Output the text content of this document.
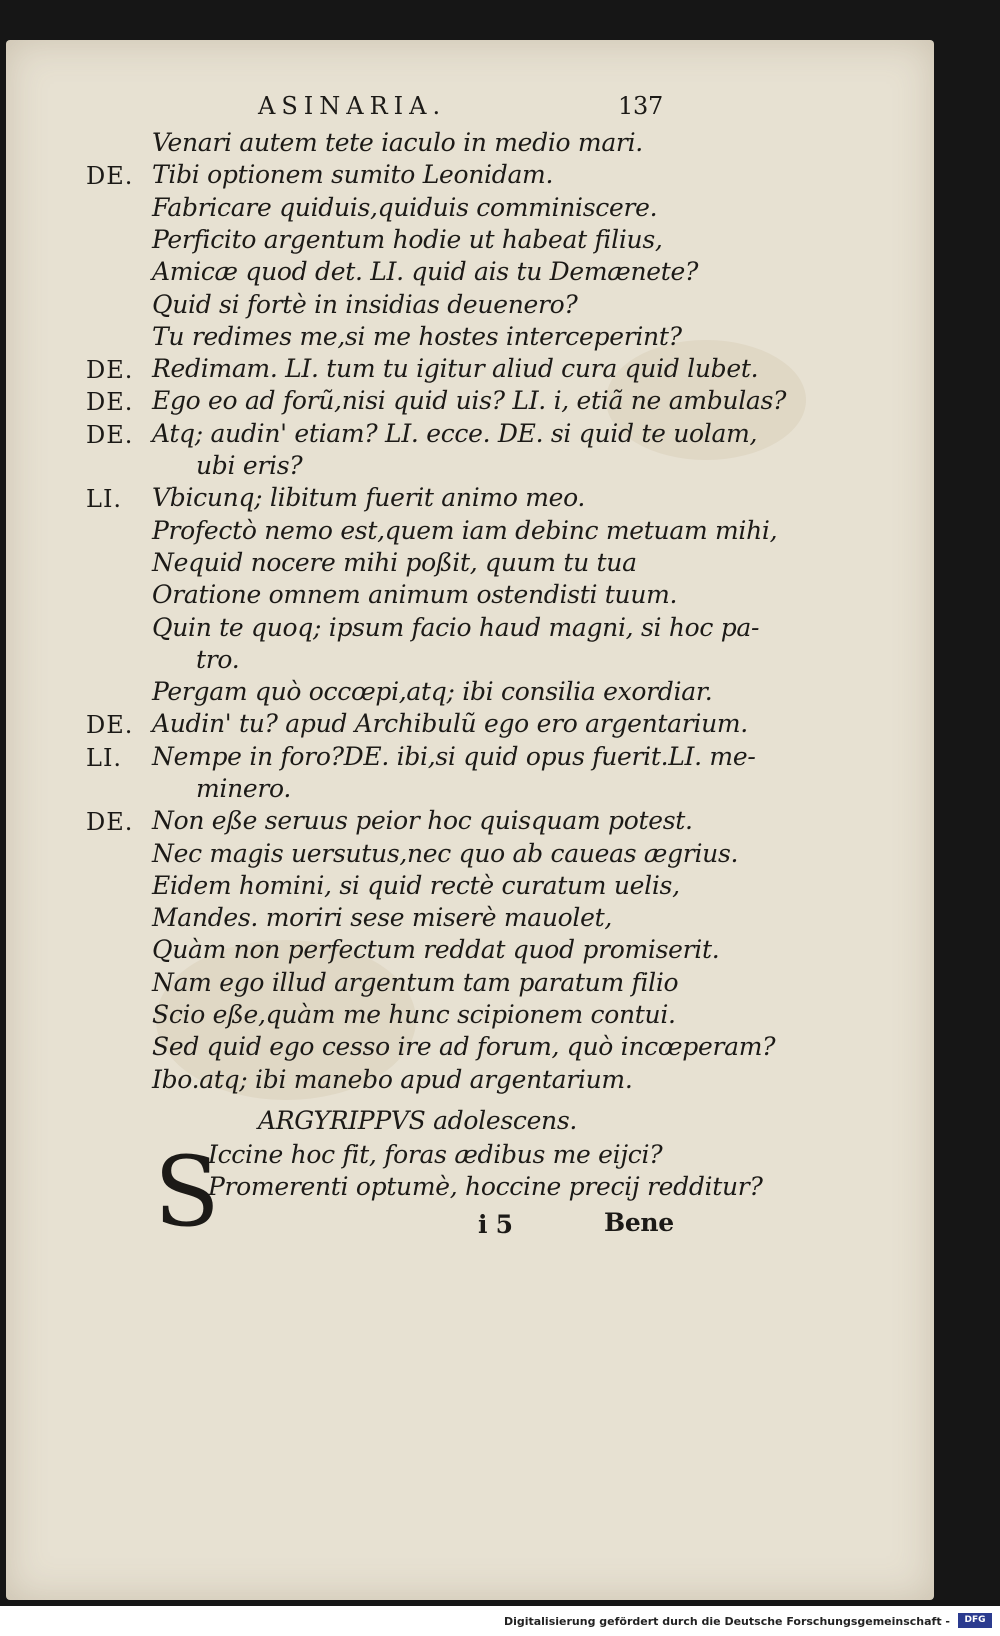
ASINARIA.	137
Venari autem tete iaculo in medio mari.
DE. Tibi optionem sumito Leonidam.
Fabricare quiduis,quiduis comminiscere.
Perficito argentum hodie ut habeat filius,
Amicæ quod det. LI. quid ais tu Demænete?
Quid si fortè in insidias deuenero?
Tu redimes me,si me hostes interceperint?
DE. Redimam. LI. tum tu igitur aliud cura quid lubet.
DE. Ego eo ad forũ,nisi quid uis? LI. i, etiã ne ambulas?
DE. Atq; audin' etiam? LI. ecce. DE. si quid te uolam,
ubi eris?
LI. Vbicunq; libitum fuerit animo meo.
Profectò nemo est,quem iam debinc metuam mihi,
Nequid nocere mihi poßit, quum tu tua
Oratione omnem animum ostendisti tuum.
Quin te quoq; ipsum facio haud magni, si hoc pa-
tro.
Pergam quò occœpi,atq; ibi consilia exordiar.
DE. Audin' tu? apud Archibulũ ego ero argentarium.
LI. Nempe in foro?DE. ibi,si quid opus fuerit.LI. me-
minero.
DE. Non eße seruus peior hoc quisquam potest.
Nec magis uersutus,nec quo ab caueas ægrius.
Eidem homini, si quid rectè curatum uelis,
Mandes. moriri sese miserè mauolet,
Quàm non perfectum reddat quod promiserit.
Nam ego illud argentum tam paratum filio
Scio eße,quàm me hunc scipionem contui.
Sed quid ego cesso ire ad forum, quò incœperam?
Ibo.atq; ibi manebo apud argentarium.
ARGYRIPPVS adolescens.
S
Iccine hoc fit, foras ædibus me eijci?
Promerenti optumè, hoccine precij redditur?
i 5	Bene
Digitalisierung gefördert durch die Deutsche Forschungsgemeinschaft -	DFG
